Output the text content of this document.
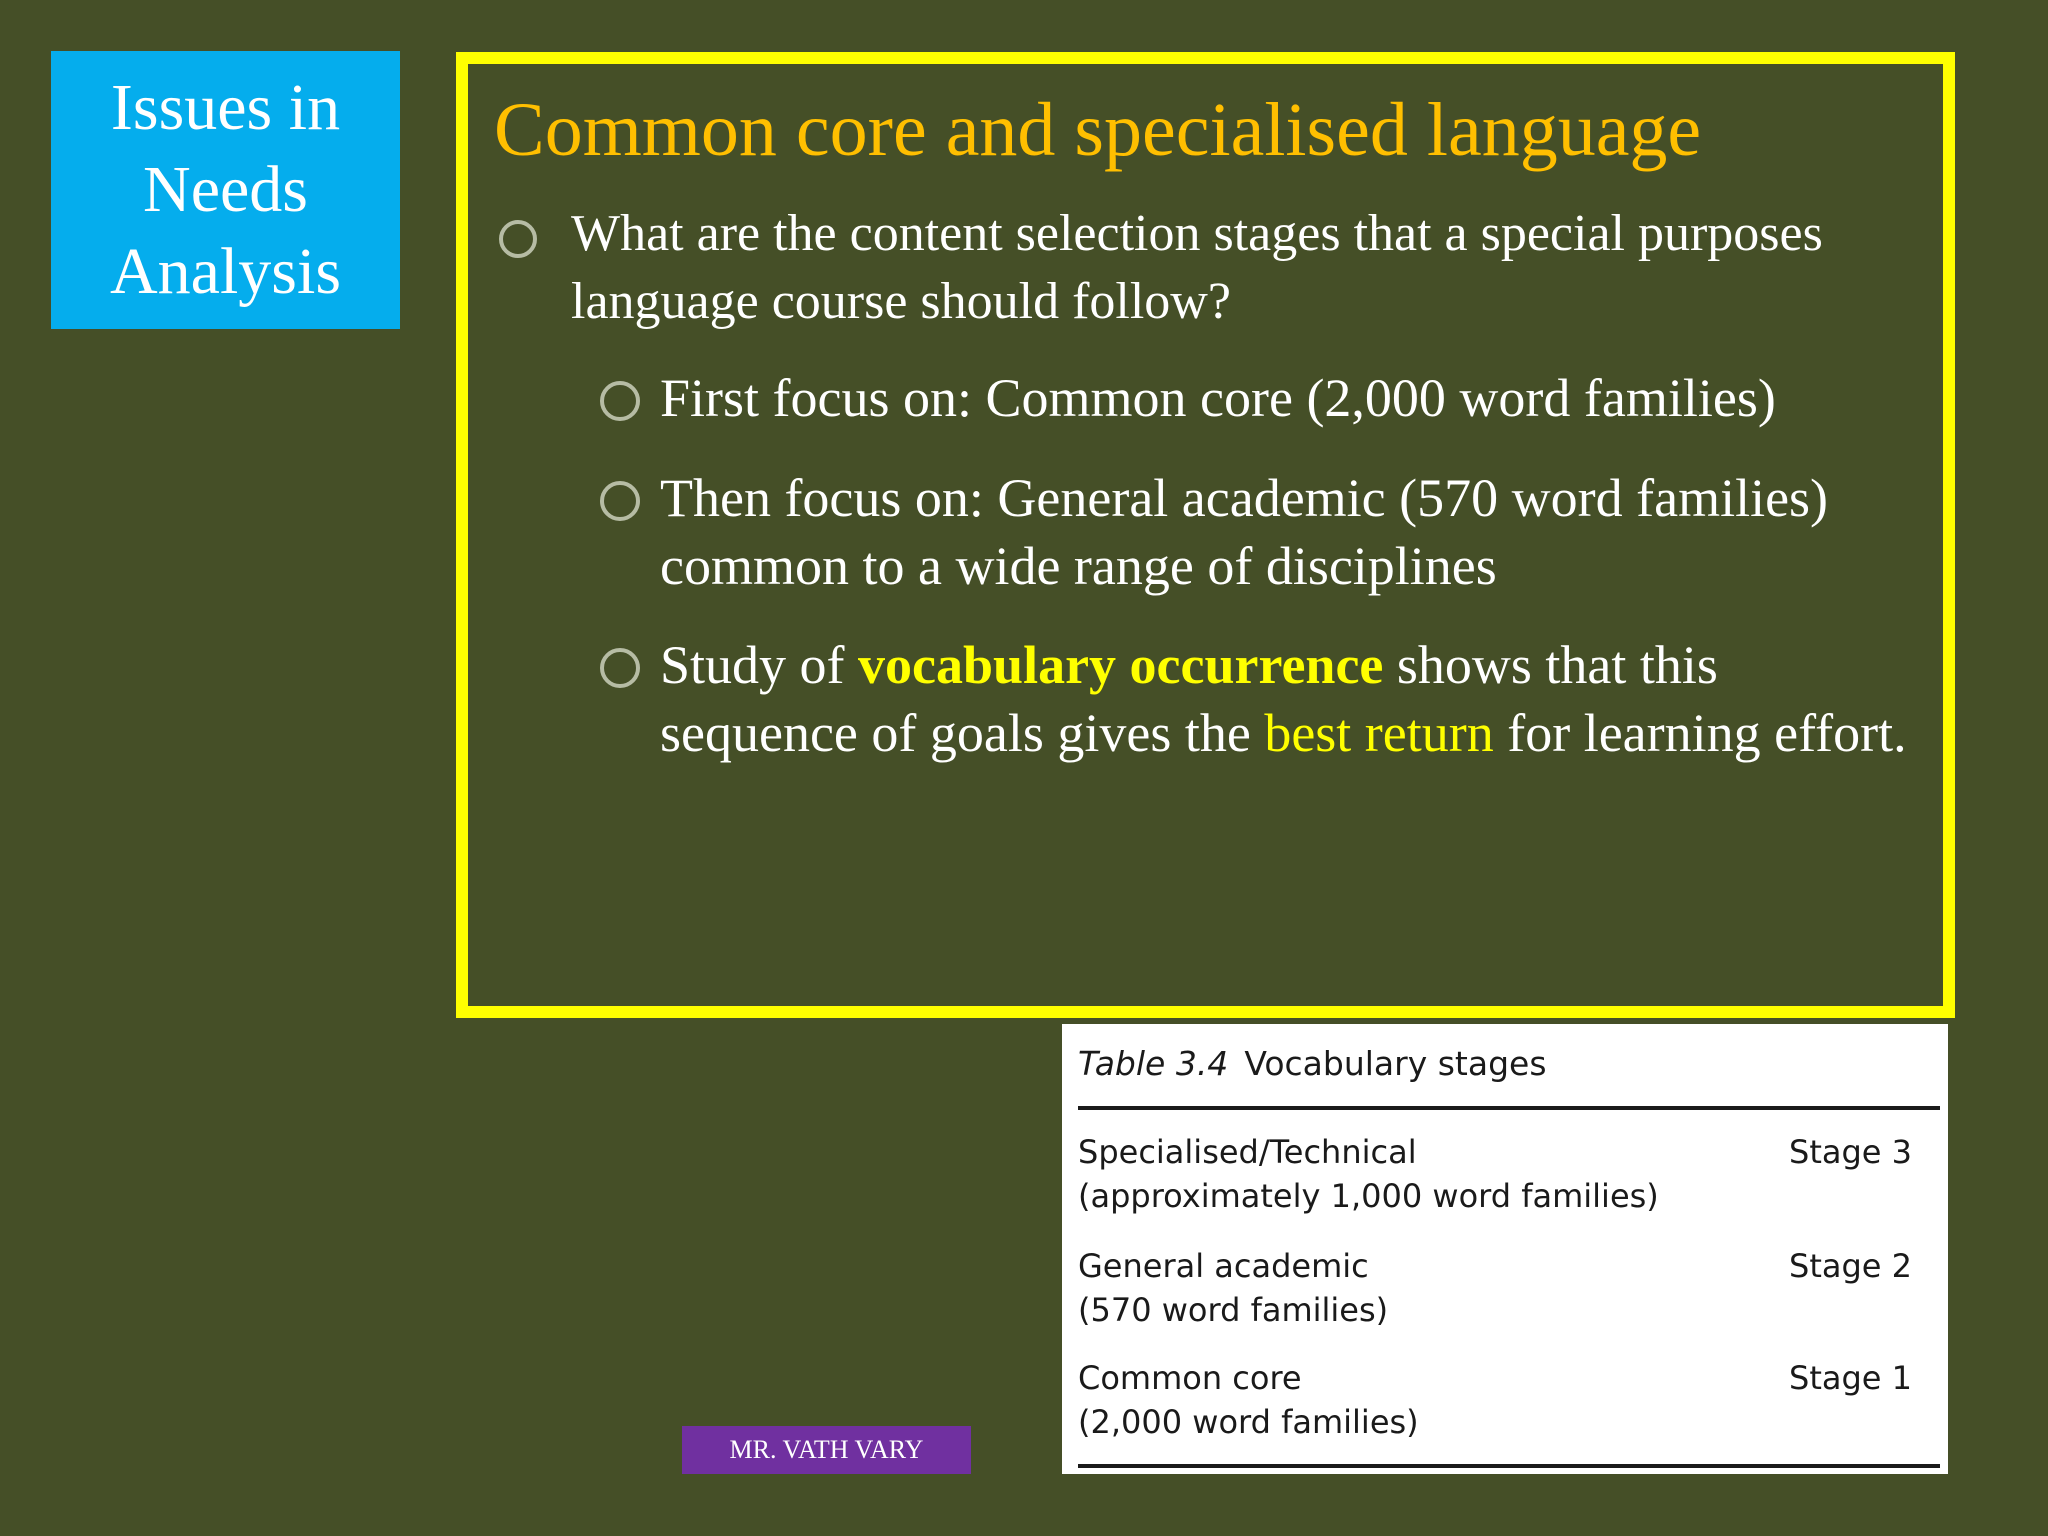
Issues in
Needs
Analysis
Common core and specialised language
What are the content selection stages that a special purposes language course should follow?
First focus on: Common core (2,000 word families)
Then focus on: General academic (570 word families) common to a wide range of disciplines
Study of vocabulary occurrence shows that this sequence of goals gives the best return for learning effort.
Table 3.4 Vocabulary stages
Specialised/Technical
(approximately 1,000 word families)
Stage 3
General academic
(570 word families)
Stage 2
Common core
(2,000 word families)
Stage 1
MR. VATH VARY
